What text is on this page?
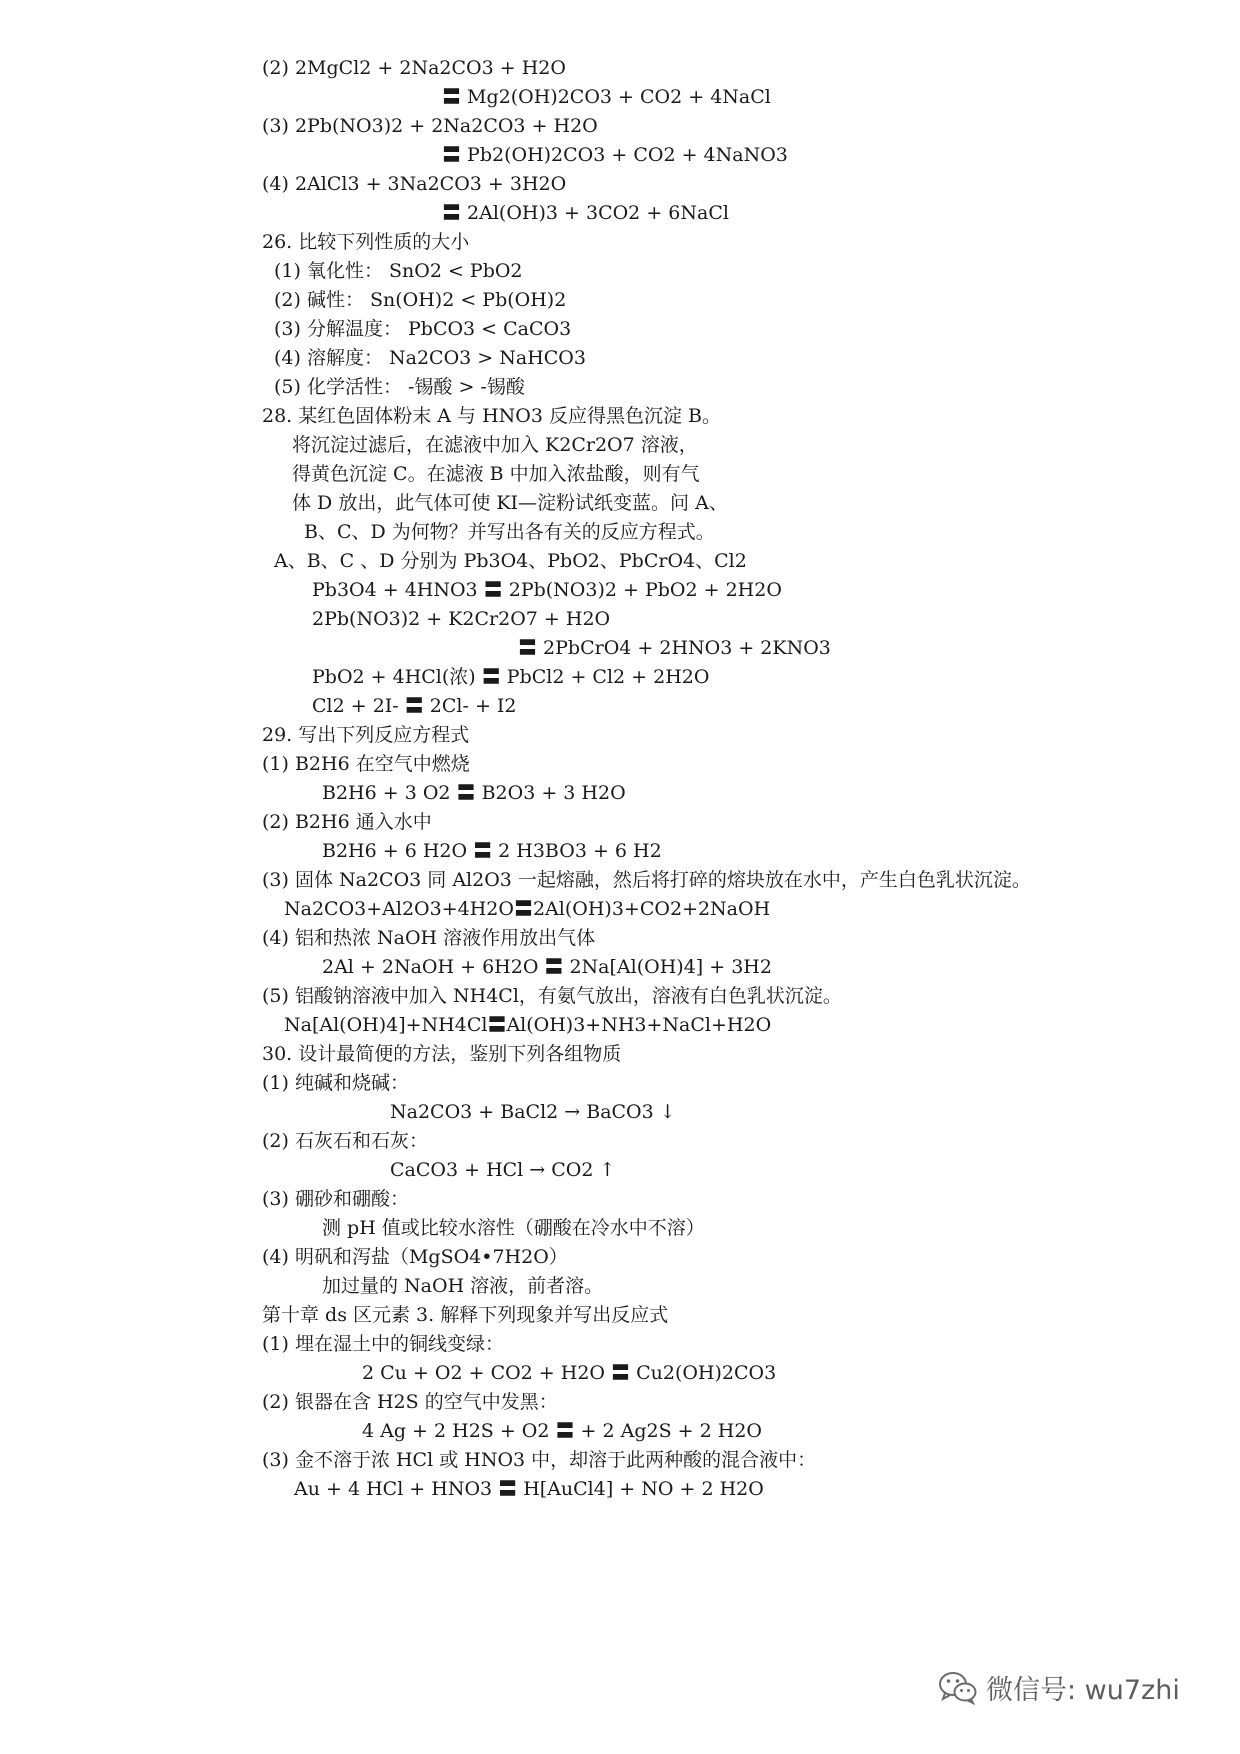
(2) 2MgCl2 + 2Na2CO3 + H2O
〓 Mg2(OH)2CO3 + CO2 + 4NaCl
(3) 2Pb(NO3)2 + 2Na2CO3 + H2O
〓 Pb2(OH)2CO3 + CO2 + 4NaNO3
(4) 2AlCl3 + 3Na2CO3 + 3H2O
〓 2Al(OH)3 + 3CO2 + 6NaCl
26. 比较下列性质的大小
(1) 氧化性： SnO2 < PbO2
(2) 碱性： Sn(OH)2 < Pb(OH)2
(3) 分解温度： PbCO3 < CaCO3
(4) 溶解度： Na2CO3 > NaHCO3
(5) 化学活性： -锡酸 > -锡酸
28. 某红色固体粉末 A 与 HNO3 反应得黑色沉淀 B。
将沉淀过滤后，在滤液中加入 K2Cr2O7 溶液，
得黄色沉淀 C。在滤液 B 中加入浓盐酸，则有气
体 D 放出，此气体可使 KI—淀粉试纸变蓝。问 A、
B、C、D 为何物？并写出各有关的反应方程式。
A、B、C 、D 分别为 Pb3O4、PbO2、PbCrO4、Cl2
Pb3O4 + 4HNO3 〓 2Pb(NO3)2 + PbO2 + 2H2O
2Pb(NO3)2 + K2Cr2O7 + H2O
〓 2PbCrO4 + 2HNO3 + 2KNO3
PbO2 + 4HCl(浓) 〓 PbCl2 + Cl2 + 2H2O
Cl2 + 2I- 〓 2Cl- + I2
29. 写出下列反应方程式
(1) B2H6 在空气中燃烧
B2H6 + 3 O2 〓 B2O3 + 3 H2O
(2) B2H6 通入水中
B2H6 + 6 H2O 〓 2 H3BO3 + 6 H2
(3) 固体 Na2CO3 同 Al2O3 一起熔融，然后将打碎的熔块放在水中，产生白色乳状沉淀。
Na2CO3+Al2O3+4H2O〓2Al(OH)3+CO2+2NaOH
(4) 铝和热浓 NaOH 溶液作用放出气体
2Al + 2NaOH + 6H2O 〓 2Na[Al(OH)4] + 3H2
(5) 铝酸钠溶液中加入 NH4Cl，有氨气放出，溶液有白色乳状沉淀。
Na[Al(OH)4]+NH4Cl〓Al(OH)3+NH3+NaCl+H2O
30. 设计最简便的方法，鉴别下列各组物质
(1) 纯碱和烧碱：
Na2CO3 + BaCl2 → BaCO3 ↓
(2) 石灰石和石灰：
CaCO3 + HCl → CO2 ↑
(3) 硼砂和硼酸：
测 pH 值或比较水溶性（硼酸在冷水中不溶）
(4) 明矾和泻盐（MgSO4•7H2O）
加过量的 NaOH 溶液，前者溶。
第十章 ds 区元素 3. 解释下列现象并写出反应式
(1) 埋在湿土中的铜线变绿：
2 Cu + O2 + CO2 + H2O 〓 Cu2(OH)2CO3
(2) 银器在含 H2S 的空气中发黑：
4 Ag + 2 H2S + O2 〓 + 2 Ag2S + 2 H2O
(3) 金不溶于浓 HCl 或 HNO3 中，却溶于此两种酸的混合液中：
Au + 4 HCl + HNO3 〓 H[AuCl4] + NO + 2 H2O
微信号: wu7zhi
